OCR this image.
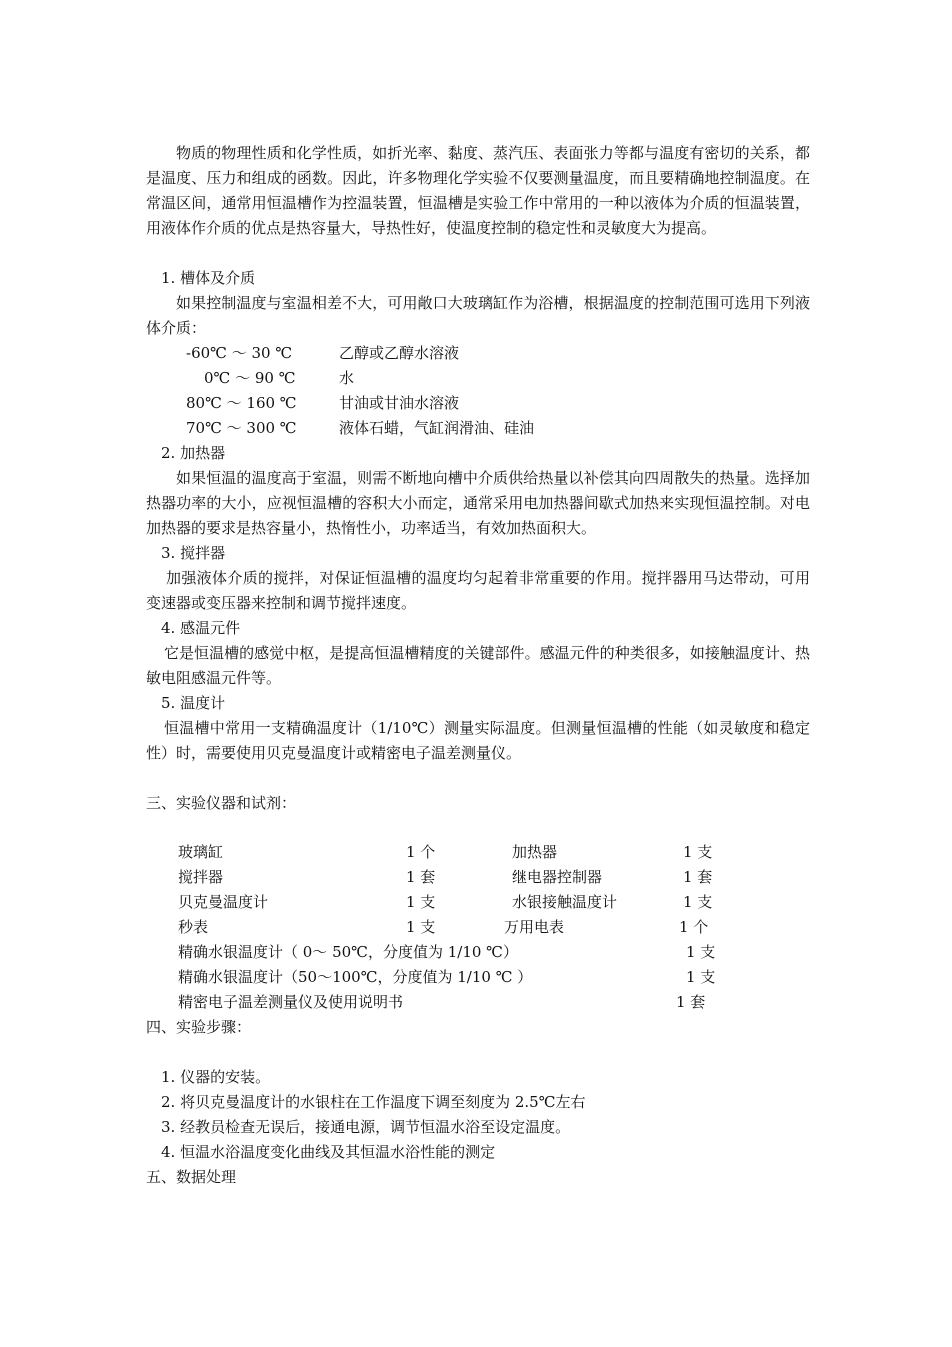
物质的物理性质和化学性质，如折光率、黏度、蒸汽压、表面张力等都与温度有密切的关系，都是温度、压力和组成的函数。因此，许多物理化学实验不仅要测量温度，而且要精确地控制温度。在常温区间，通常用恒温槽作为控温装置，恒温槽是实验工作中常用的一种以液体为介质的恒温装置，用液体作介质的优点是热容量大，导热性好，使温度控制的稳定性和灵敏度大为提高。
1. 槽体及介质
如果控制温度与室温相差不大，可用敞口大玻璃缸作为浴槽，根据温度的控制范围可选用下列液体介质：
-60℃ ～ 30 ℃	乙醇或乙醇水溶液
0℃ ～ 90 ℃	水
80℃ ～ 160 ℃	甘油或甘油水溶液
70℃ ～ 300 ℃	液体石蜡，气缸润滑油、硅油
2. 加热器
如果恒温的温度高于室温，则需不断地向槽中介质供给热量以补偿其向四周散失的热量。选择加热器功率的大小，应视恒温槽的容积大小而定，通常采用电加热器间歇式加热来实现恒温控制。对电加热器的要求是热容量小，热惰性小，功率适当，有效加热面积大。
3. 搅拌器
加强液体介质的搅拌，对保证恒温槽的温度均匀起着非常重要的作用。搅拌器用马达带动，可用变速器或变压器来控制和调节搅拌速度。
4. 感温元件
它是恒温槽的感觉中枢，是提高恒温槽精度的关键部件。感温元件的种类很多，如接触温度计、热敏电阻感温元件等。
5. 温度计
恒温槽中常用一支精确温度计（1/10℃）测量实际温度。但测量恒温槽的性能（如灵敏度和稳定性）时，需要使用贝克曼温度计或精密电子温差测量仪。
三、实验仪器和试剂：
玻璃缸	1 个	加热器	1 支
搅拌器	1 套	继电器控制器	1 套
贝克曼温度计	1 支	水银接触温度计	1 支
秒表	1 支	万用电表	1 个
精确水银温度计（ 0～ 50℃，分度值为 1/10 ℃）	1 支
精确水银温度计（50～100℃，分度值为 1/10 ℃ ）	1 支
精密电子温差测量仪及使用说明书	1 套
四、实验步骤：
1. 仪器的安装。
2. 将贝克曼温度计的水银柱在工作温度下调至刻度为 2.5℃左右
3. 经教员检查无误后，接通电源，调节恒温水浴至设定温度。
4. 恒温水浴温度变化曲线及其恒温水浴性能的测定
五、数据处理
